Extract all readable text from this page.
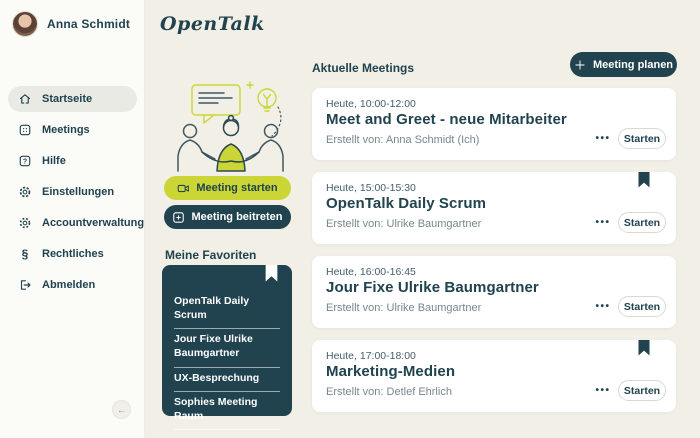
Anna Schmidt
Startseite
Meetings
? Hilfe
Einstellungen
Accountverwaltung
§	Rechtliches
Abmelden
←
OpenTalk
Meeting starten
Meeting beitreten
Meine Favoriten
OpenTalk Daily Scrum
Jour Fixe Ulrike Baumgartner
UX-Besprechung
Sophies Meeting Raum
Aktuelle Meetings	Meeting planen
Heute, 10:00-12:00
Meet and Greet - neue Mitarbeiter
Erstellt von: Anna Schmidt (Ich)	•••	Starten
Heute, 15:00-15:30
OpenTalk Daily Scrum
Erstellt von: Ulrike Baumgartner	•••	Starten
Heute, 16:00-16:45
Jour Fixe Ulrike Baumgartner
Erstellt von: Ulrike Baumgartner	•••	Starten
Heute, 17:00-18:00
Marketing-Medien
Erstellt von: Detlef Ehrlich	•••	Starten
